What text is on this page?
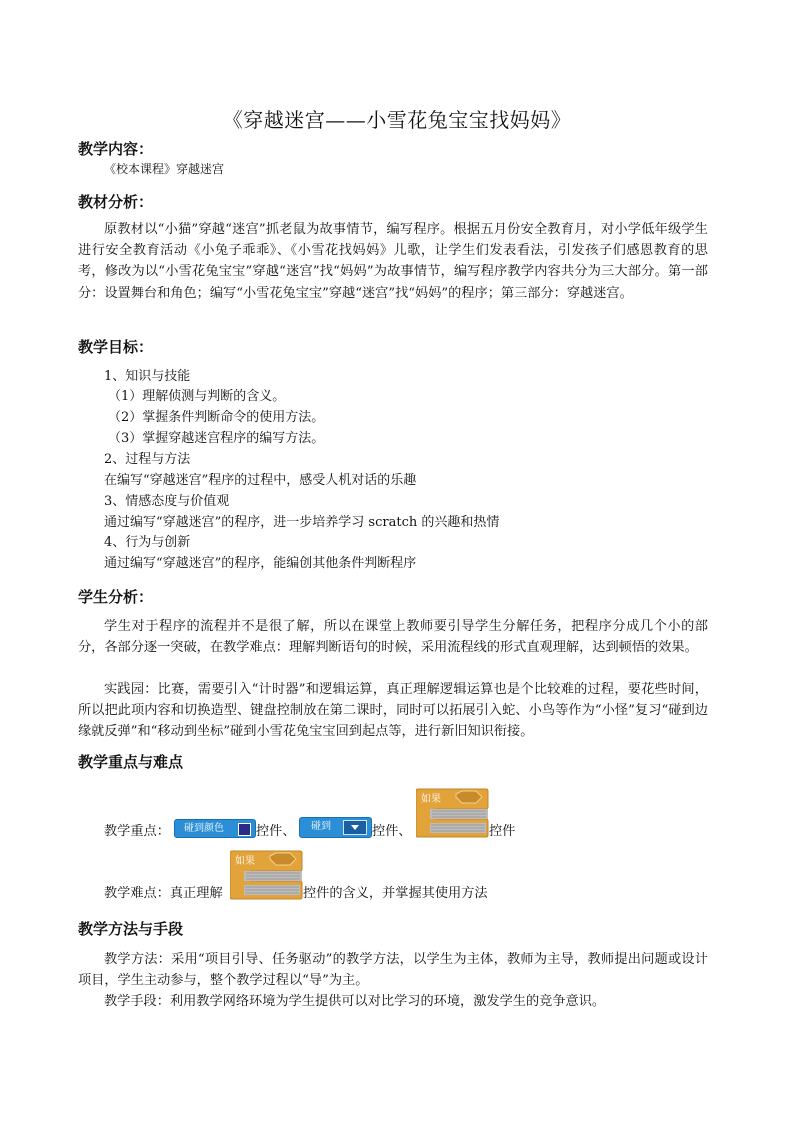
《穿越迷宫——小雪花兔宝宝找妈妈》
教学内容：
《校本课程》穿越迷宫
教材分析：

原教材以“小猫”穿越“迷宫”抓老鼠为故事情节，编写程序。根据五月份安全教育月，对小学低年级学生进行安全教育活动《小兔子乖乖》、《小雪花找妈妈》儿歌，让学生们发表看法，引发孩子们感恩教育的思考，修改为以“小雪花兔宝宝”穿越“迷宫”找“妈妈”为故事情节，编写程序教学内容共分为三大部分。第一部分：设置舞台和角色；编写“小雪花兔宝宝”穿越“迷宫”找“妈妈”的程序；第三部分：穿越迷宫。

教学目标：
1、知识与技能
（1）理解侦测与判断的含义。
（2）掌握条件判断命令的使用方法。
（3）掌握穿越迷宫程序的编写方法。
2、过程与方法
在编写“穿越迷宫”程序的过程中，感受人机对话的乐趣
3、情感态度与价值观
通过编写“穿越迷宫”的程序，进一步培养学习 scratch 的兴趣和热情
4、行为与创新
通过编写“穿越迷宫”的程序，能编创其他条件判断程序
学生分析：

学生对于程序的流程并不是很了解，所以在课堂上教师要引导学生分解任务，把程序分成几个小的部分，各部分逐一突破，在教学难点：理解判断语句的时候，采用流程线的形式直观理解，达到顿悟的效果。

实践园：比赛，需要引入“计时器”和逻辑运算，真正理解逻辑运算也是个比较难的过程，要花些时间，所以把此项内容和切换造型、键盘控制放在第二课时，同时可以拓展引入蛇、小鸟等作为“小怪”复习“碰到边缘就反弹”和“移动到坐标”碰到小雪花兔宝宝回到起点等，进行新旧知识衔接。

教学重点与难点
教学重点：	碰到颜色	控件、	碰到	控件、
如果
控件
教学难点：真正理解
如果
控件的含义，并掌握其使用方法
教学方法与手段

教学方法：采用“项目引导、任务驱动”的教学方法，以学生为主体，教师为主导，教师提出问题或设计项目，学生主动参与，整个教学过程以“导”为主。

教学手段：利用教学网络环境为学生提供可以对比学习的环境，激发学生的竞争意识。
